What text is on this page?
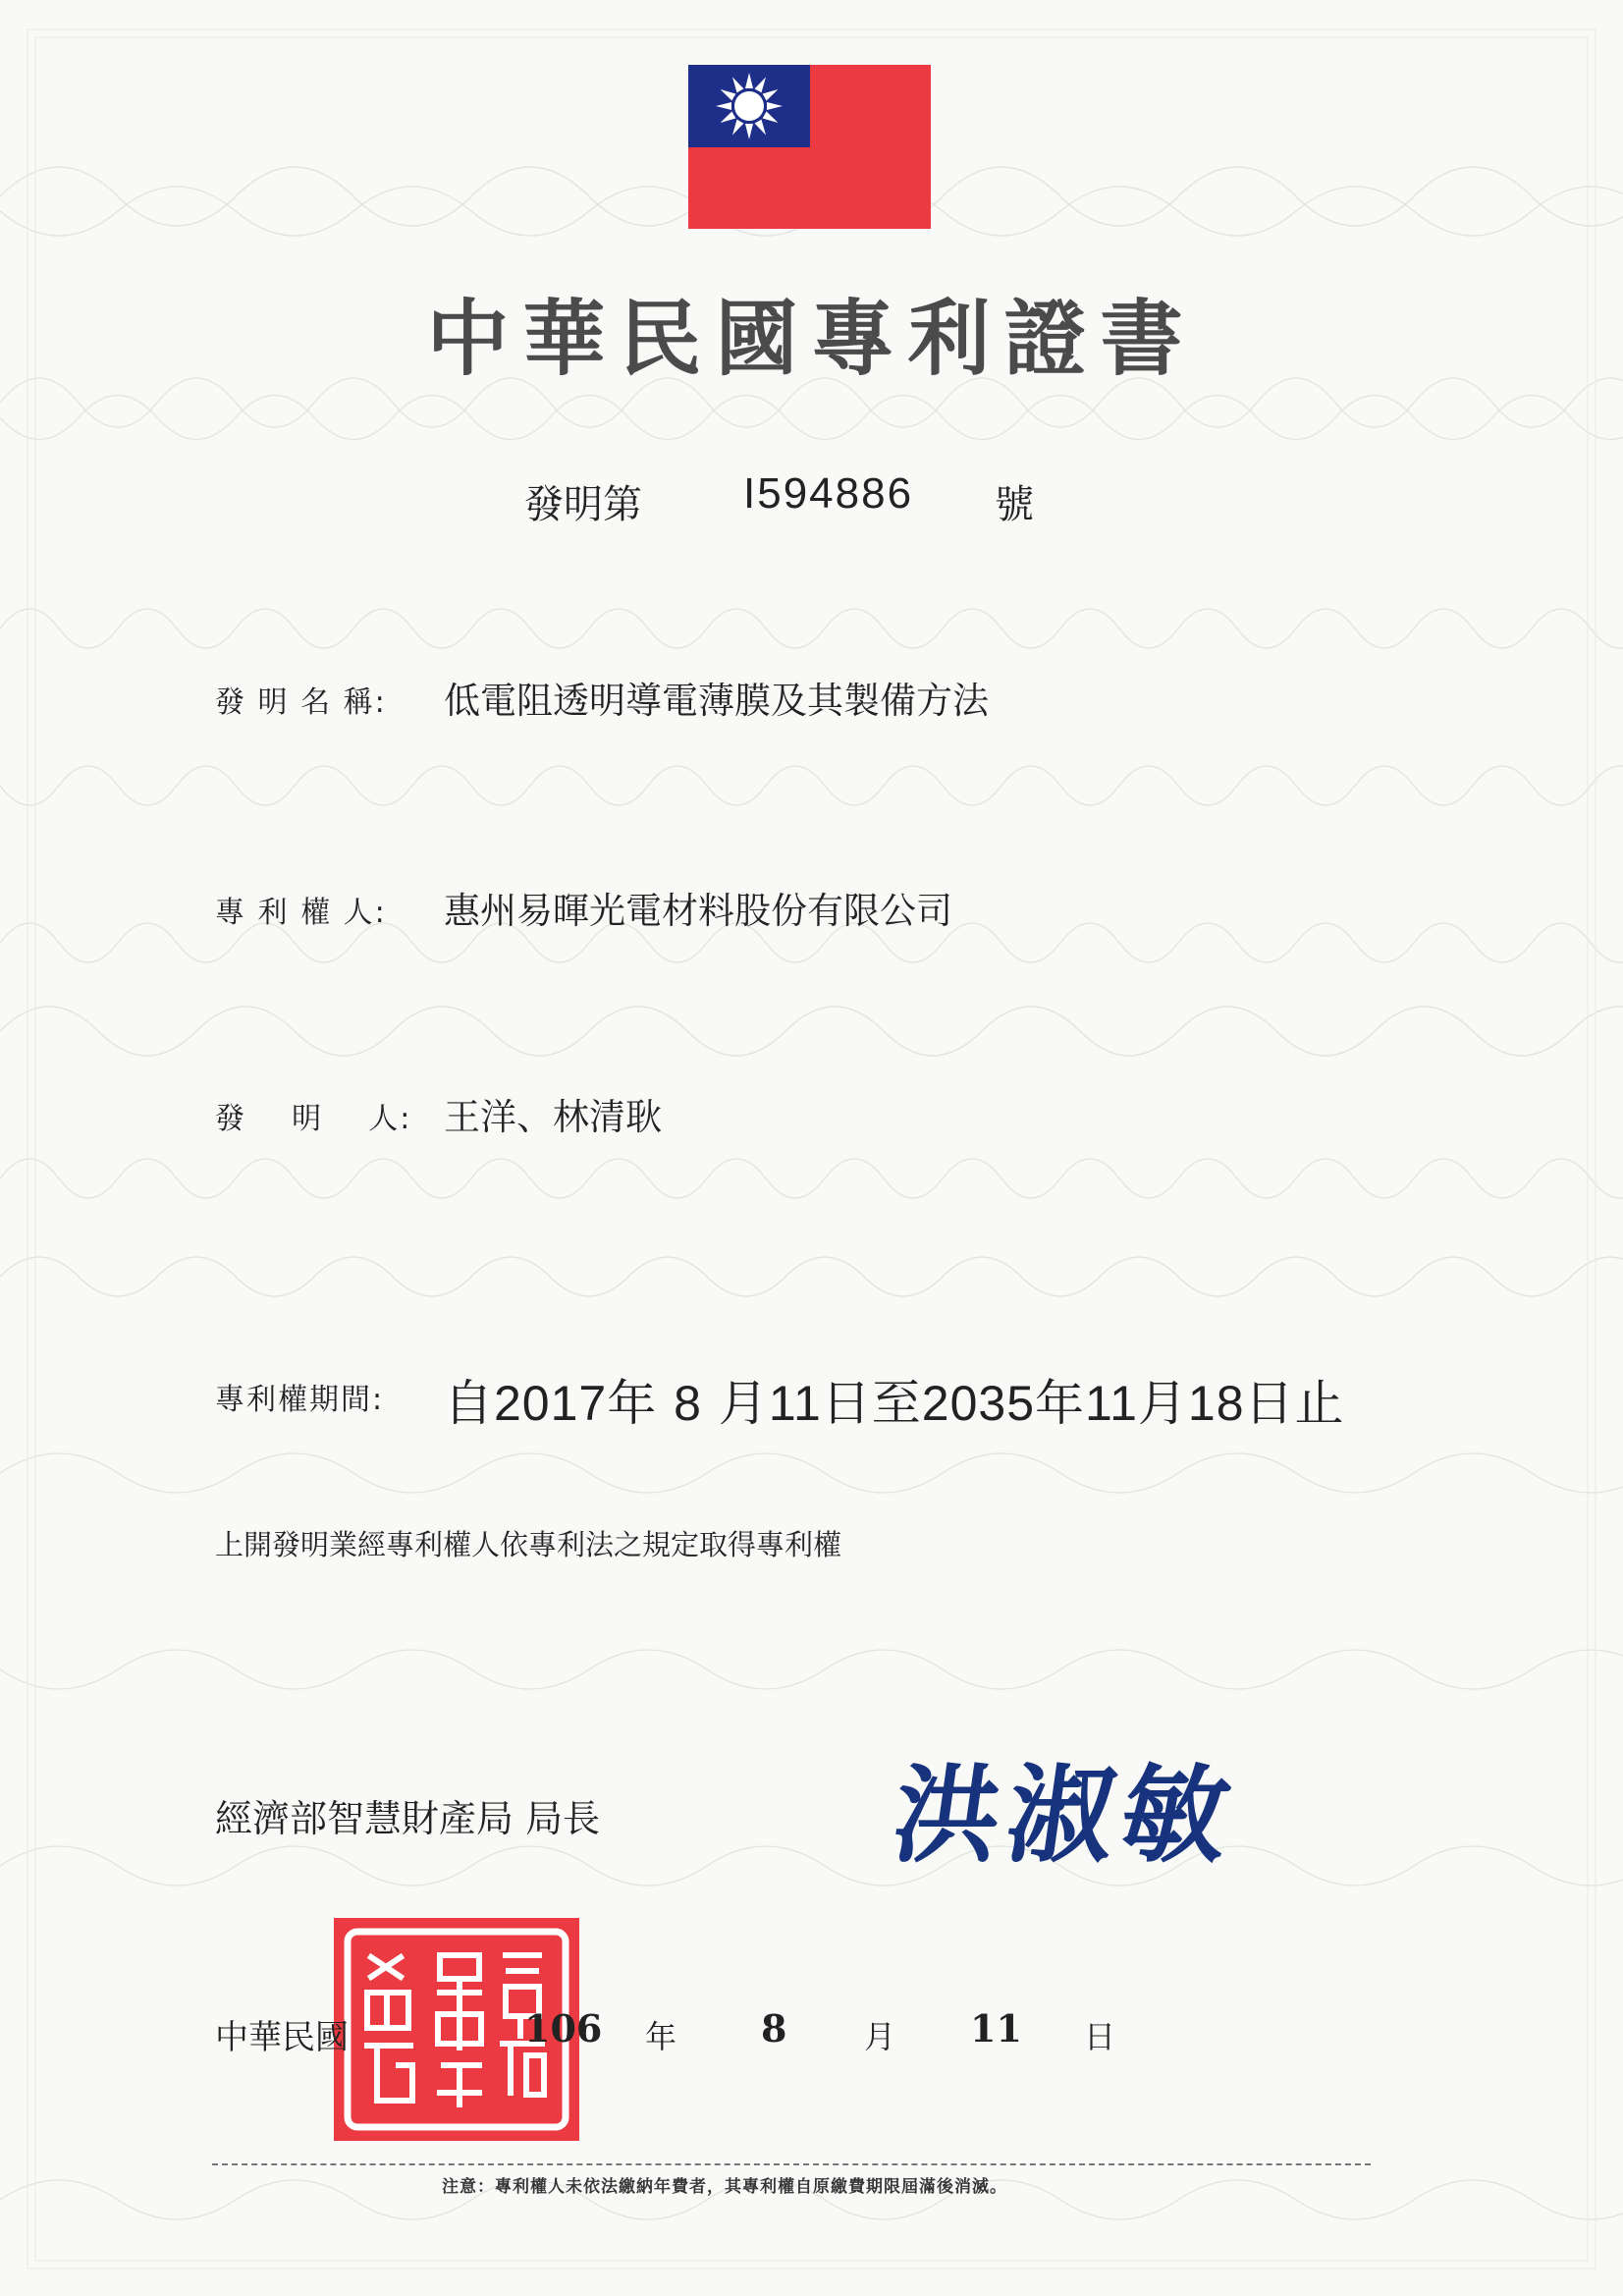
中華民國專利證書
發明第 I594886 號
發 明 名 稱: 低電阻透明導電薄膜及其製備方法
專 利 權 人: 惠州易暉光電材料股份有限公司
發    明    人: 王洋、林清耿
專利權期間: 自2017年 8 月11日至2035年11月18日止
上開發明業經專利權人依專利法之規定取得專利權
經濟部智慧財產局 局長	洪淑敏
中華民國	106 年 8 月 11 日
注意：專利權人未依法繳納年費者，其專利權自原繳費期限屆滿後消滅。
